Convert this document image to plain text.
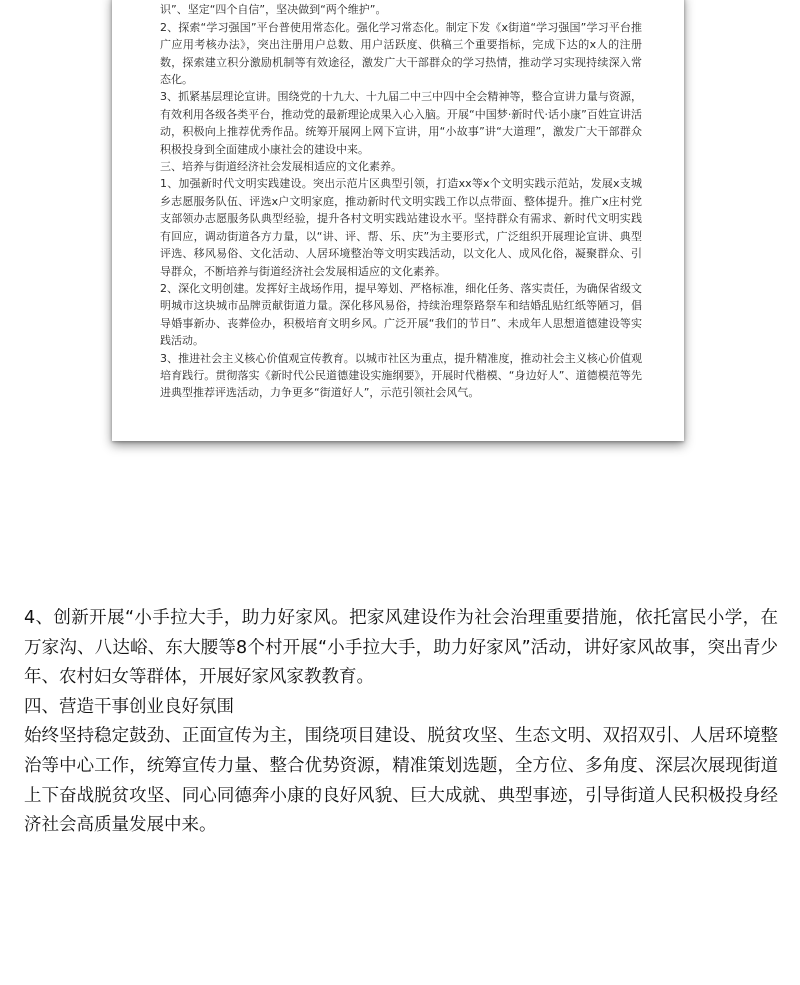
识”、坚定“四个自信”，坚决做到“两个维护”。

2、探索“学习强国”平台普使用常态化。强化学习常态化。制定下发《x街道“学习强国”学习平台推广应用考核办法》，突出注册用户总数、用户活跃度、供稿三个重要指标，完成下达的x人的注册数，探索建立积分激励机制等有效途径，激发广大干部群众的学习热情，推动学习实现持续深入常态化。

3、抓紧基层理论宣讲。围绕党的十九大、十九届二中三中四中全会精神等，整合宣讲力量与资源，有效利用各级各类平台，推动党的最新理论成果入心入脑。开展“中国梦·新时代·话小康”百姓宣讲活动，积极向上推荐优秀作品。统筹开展网上网下宣讲，用“小故事”讲“大道理”，激发广大干部群众积极投身到全面建成小康社会的建设中来。

三、培养与街道经济社会发展相适应的文化素养。

1、加强新时代文明实践建设。突出示范片区典型引领，打造xx等x个文明实践示范站，发展x支城乡志愿服务队伍、评选x户文明家庭，推动新时代文明实践工作以点带面、整体提升。推广x庄村党支部领办志愿服务队典型经验，提升各村文明实践站建设水平。坚持群众有需求、新时代文明实践有回应，调动街道各方力量，以“讲、评、帮、乐、庆”为主要形式，广泛组织开展理论宣讲、典型评选、移风易俗、文化活动、人居环境整治等文明实践活动，以文化人、成风化俗，凝聚群众、引导群众，不断培养与街道经济社会发展相适应的文化素养。

2、深化文明创建。发挥好主战场作用，提早筹划、严格标准，细化任务、落实责任，为确保省级文明城市这块城市品牌贡献街道力量。深化移风易俗，持续治理祭路祭车和结婚乱贴红纸等陋习，倡导婚事新办、丧葬俭办，积极培育文明乡风。广泛开展“我们的节日”、未成年人思想道德建设等实践活动。

3、推进社会主义核心价值观宣传教育。以城市社区为重点，提升精准度，推动社会主义核心价值观培育践行。贯彻落实《新时代公民道德建设实施纲要》，开展时代楷模、“身边好人”、道德模范等先进典型推荐评选活动，力争更多“街道好人”，示范引领社会风气。

4、创新开展“小手拉大手，助力好家风。把家风建设作为社会治理重要措施，依托富民小学，在万家沟、八达峪、东大腰等8个村开展“小手拉大手，助力好家风”活动，讲好家风故事，突出青少年、农村妇女等群体，开展好家风家教教育。

四、营造干事创业良好氛围

始终坚持稳定鼓劲、正面宣传为主，围绕项目建设、脱贫攻坚、生态文明、双招双引、人居环境整治等中心工作，统筹宣传力量、整合优势资源，精准策划选题，全方位、多角度、深层次展现街道上下奋战脱贫攻坚、同心同德奔小康的良好风貌、巨大成就、典型事迹，引导街道人民积极投身经济社会高质量发展中来。
